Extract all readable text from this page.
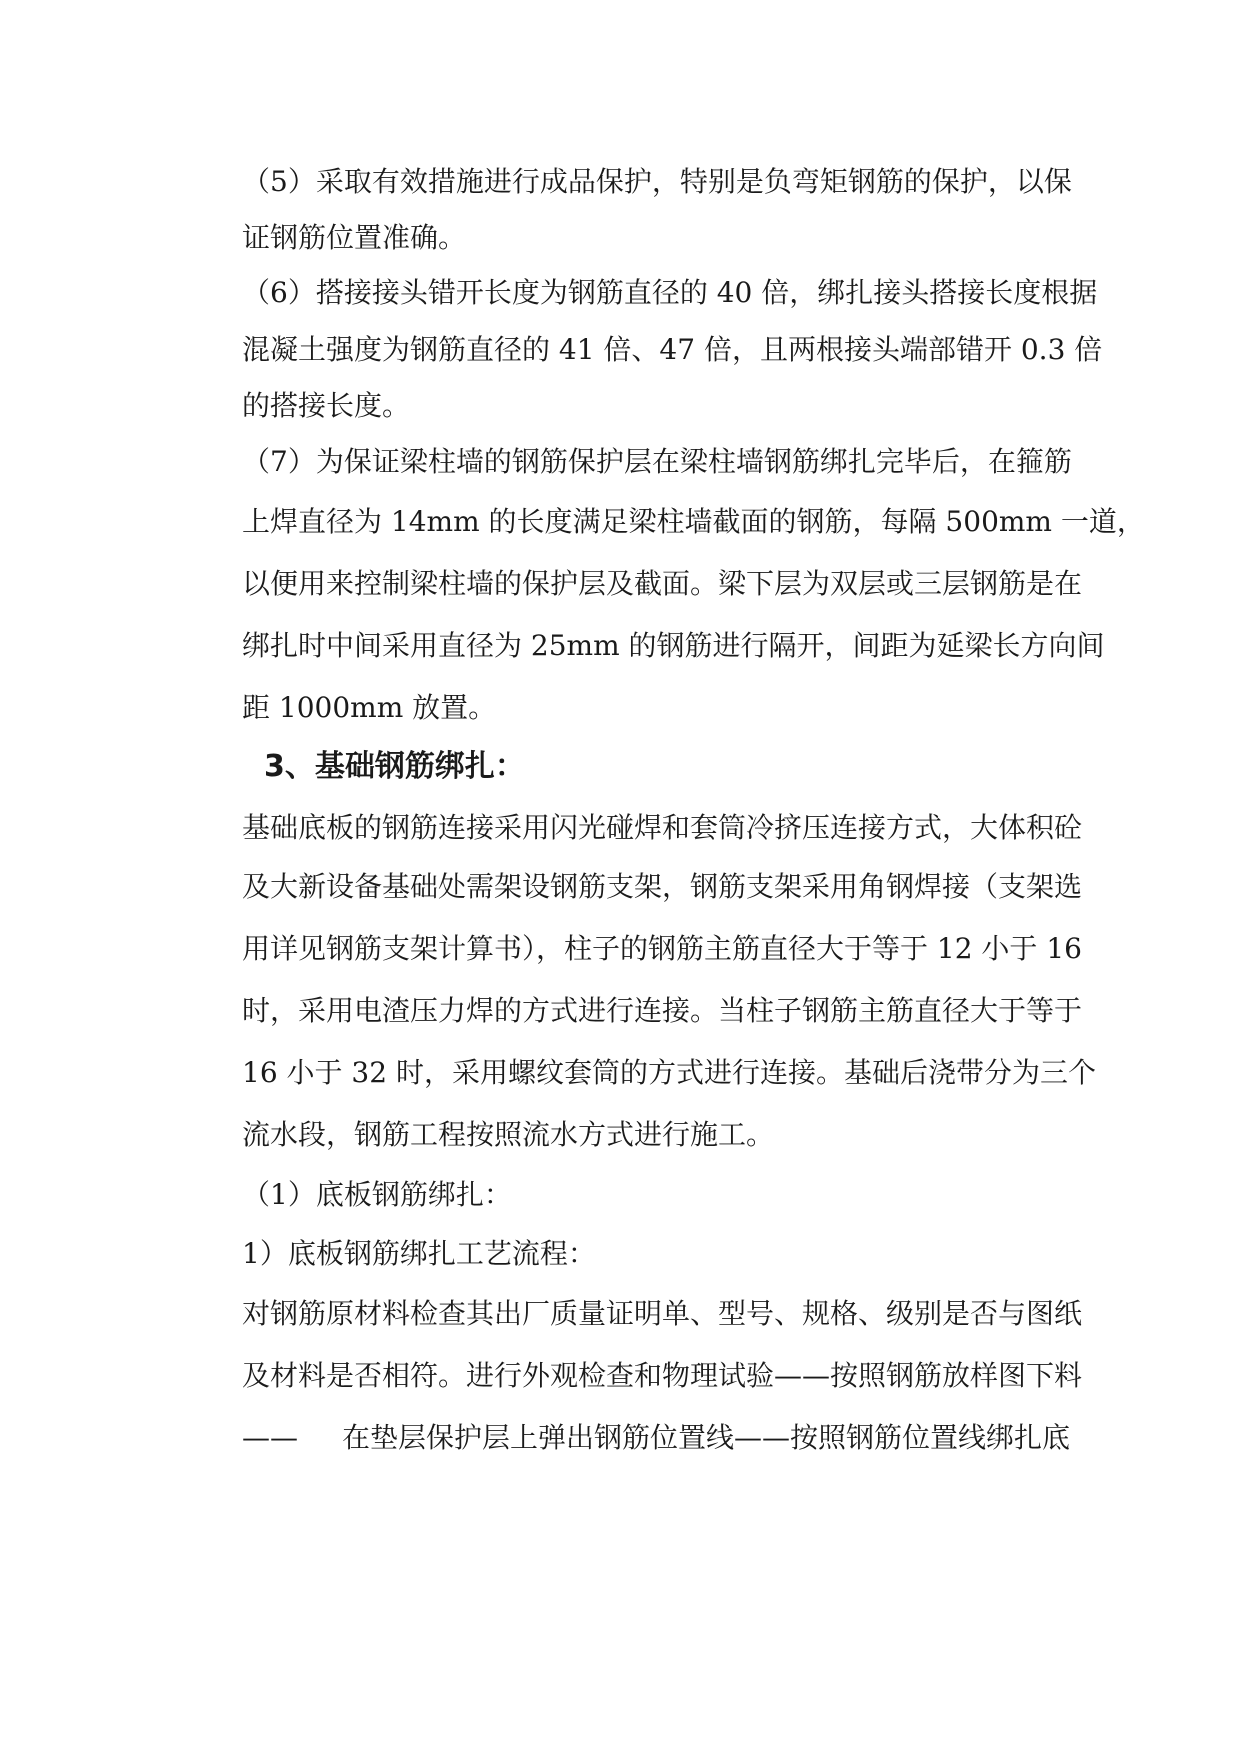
（5）采取有效措施进行成品保护，特别是负弯矩钢筋的保护，以保
证钢筋位置准确。
（6）搭接接头错开长度为钢筋直径的 40 倍，绑扎接头搭接长度根据
混凝土强度为钢筋直径的 41 倍、47 倍，且两根接头端部错开 0.3 倍
的搭接长度。
（7）为保证梁柱墙的钢筋保护层在梁柱墙钢筋绑扎完毕后，在箍筋
上焊直径为 14mm 的长度满足梁柱墙截面的钢筋，每隔 500mm 一道，
以便用来控制梁柱墙的保护层及截面。梁下层为双层或三层钢筋是在
绑扎时中间采用直径为 25mm 的钢筋进行隔开，间距为延梁长方向间
距 1000mm 放置。
3、基础钢筋绑扎：
基础底板的钢筋连接采用闪光碰焊和套筒冷挤压连接方式，大体积砼
及大新设备基础处需架设钢筋支架，钢筋支架采用角钢焊接（支架选
用详见钢筋支架计算书），柱子的钢筋主筋直径大于等于 12 小于 16
时，采用电渣压力焊的方式进行连接。当柱子钢筋主筋直径大于等于
16 小于 32 时，采用螺纹套筒的方式进行连接。基础后浇带分为三个
流水段，钢筋工程按照流水方式进行施工。
（1）底板钢筋绑扎：
1）底板钢筋绑扎工艺流程：
对钢筋原材料检查其出厂质量证明单、型号、规格、级别是否与图纸
及材料是否相符。进行外观检查和物理试验——按照钢筋放样图下料
—— 在垫层保护层上弹出钢筋位置线——按照钢筋位置线绑扎底
